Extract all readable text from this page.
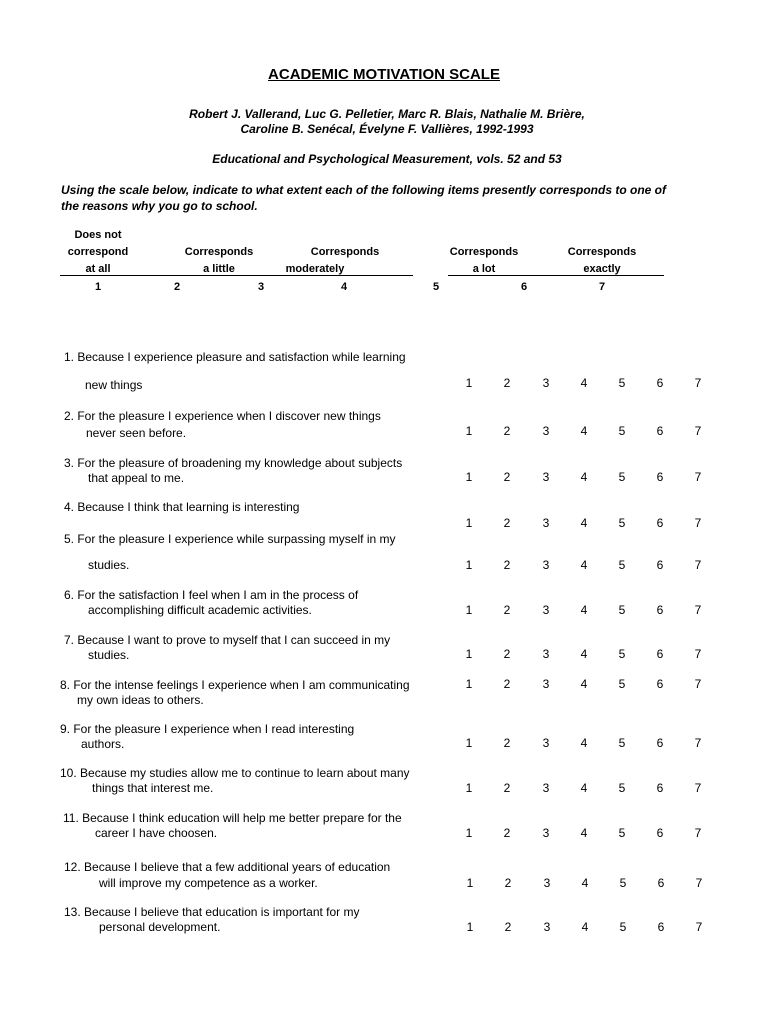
ACADEMIC MOTIVATION SCALE
Robert J. Vallerand, Luc G. Pelletier, Marc R. Blais, Nathalie M. Brière,
Caroline B. Senécal, Évelyne F. Vallières, 1992-1993
Educational and Psychological Measurement, vols. 52 and 53
Using the scale below, indicate to what extent each of the following items presently corresponds to one of
the reasons why you go to school.
Does not
correspond
at all
Corresponds
a little
Corresponds
moderately
Corresponds
a lot
Corresponds
exactly
1	2	3	4	5	6	7
1. Because I experience pleasure and satisfaction while learning
new things	1	2	3	4	5	6	7
2. For the pleasure I experience when I discover new things
never seen before.	1	2	3	4	5	6	7
3. For the pleasure of broadening my knowledge about subjects
that appeal to me.	1	2	3	4	5	6	7
4. Because I think that learning is interesting
1	2	3	4	5	6	7
5. For the pleasure I experience while surpassing myself in my
studies.	1	2	3	4	5	6	7
6. For the satisfaction I feel when I am in the process of
accomplishing difficult academic activities.	1	2	3	4	5	6	7
7. Because I want to prove to myself that I can succeed in my
studies.	1	2	3	4	5	6	7
8. For the intense feelings I experience when I am communicating
my own ideas to others.
1	2	3	4	5	6	7
9. For the pleasure I experience when I read interesting
authors.	1	2	3	4	5	6	7
10. Because my studies allow me to continue to learn about many
things that interest me.	1	2	3	4	5	6	7
11. Because I think education will help me better prepare for the
career I have choosen.	1	2	3	4	5	6	7
12. Because I believe that a few additional years of education
will improve my competence as a worker.	1	2	3	4	5	6	7
13. Because I believe that education is important for my
personal development.	1	2	3	4	5	6	7
